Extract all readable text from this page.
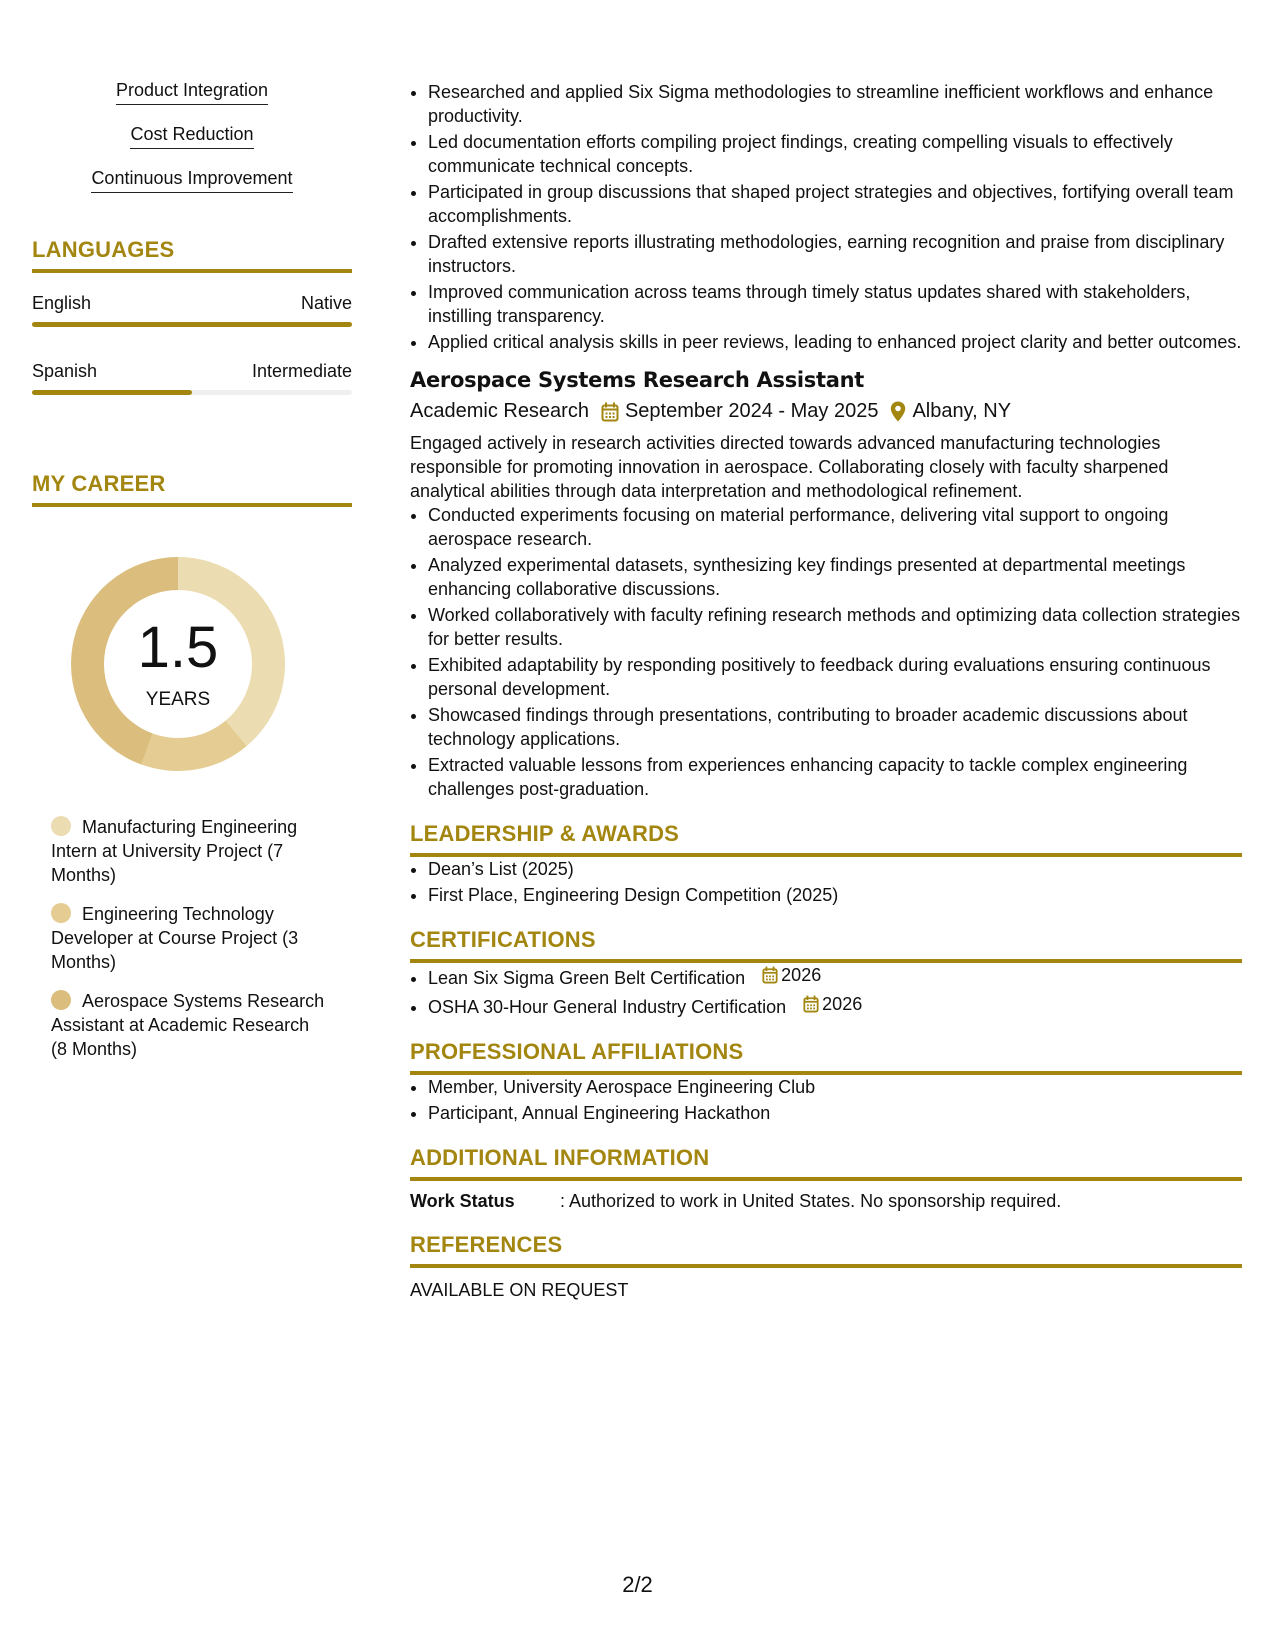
Product Integration
Cost Reduction
Continuous Improvement
LANGUAGES
English	Native
Spanish	Intermediate
MY CAREER
1.5
YEARS
Manufacturing Engineering Intern at University Project (7 Months)
Engineering Technology Developer at Course Project (3 Months)
Aerospace Systems Research Assistant at Academic Research (8 Months)
• Researched and applied Six Sigma methodologies to streamline inefficient workflows and enhance productivity.
• Led documentation efforts compiling project findings, creating compelling visuals to effectively communicate technical concepts.
• Participated in group discussions that shaped project strategies and objectives, fortifying overall team accomplishments.
• Drafted extensive reports illustrating methodologies, earning recognition and praise from disciplinary instructors.
• Improved communication across teams through timely status updates shared with stakeholders, instilling transparency.
• Applied critical analysis skills in peer reviews, leading to enhanced project clarity and better outcomes.
Aerospace Systems Research Assistant
Academic Research September 2024 - May 2025 Albany, NY
Engaged actively in research activities directed towards advanced manufacturing technologies responsible for promoting innovation in aerospace. Collaborating closely with faculty sharpened analytical abilities through data interpretation and methodological refinement.
• Conducted experiments focusing on material performance, delivering vital support to ongoing aerospace research.
• Analyzed experimental datasets, synthesizing key findings presented at departmental meetings enhancing collaborative discussions.
• Worked collaboratively with faculty refining research methods and optimizing data collection strategies for better results.
• Exhibited adaptability by responding positively to feedback during evaluations ensuring continuous personal development.
• Showcased findings through presentations, contributing to broader academic discussions about technology applications.
• Extracted valuable lessons from experiences enhancing capacity to tackle complex engineering challenges post-graduation.
LEADERSHIP & AWARDS
• Dean’s List (2025)
• First Place, Engineering Design Competition (2025)
CERTIFICATIONS
• Lean Six Sigma Green Belt Certification 2026
• OSHA 30-Hour General Industry Certification 2026
PROFESSIONAL AFFILIATIONS
• Member, University Aerospace Engineering Club
• Participant, Annual Engineering Hackathon
ADDITIONAL INFORMATION
Work Status	: Authorized to work in United States. No sponsorship required.
REFERENCES
AVAILABLE ON REQUEST
2/2
